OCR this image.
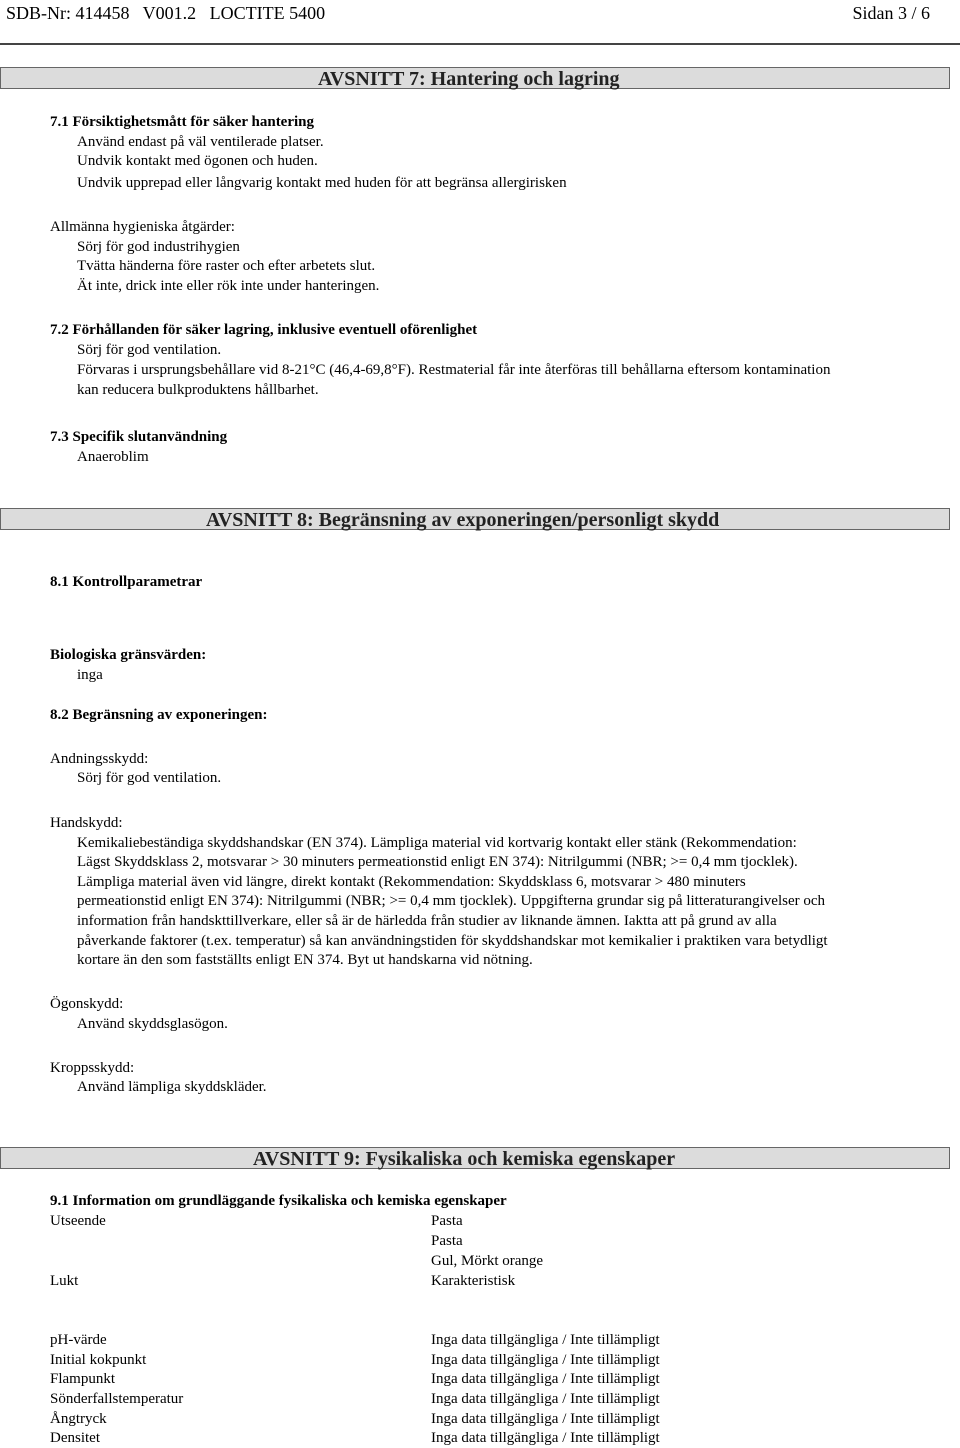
SDB-Nr: 414458   V001.2   LOCTITE 5400	Sidan 3 / 6
AVSNITT 7: Hantering och lagring
7.1 Försiktighetsmått för säker hantering
Använd endast på väl ventilerade platser.
Undvik kontakt med ögonen och huden.
Undvik upprepad eller långvarig kontakt med huden för att begränsa allergirisken
Allmänna hygieniska åtgärder:
Sörj för god industrihygien
Tvätta händerna före raster och efter arbetets slut.
Ät inte, drick inte eller rök inte under hanteringen.
7.2 Förhållanden för säker lagring, inklusive eventuell oförenlighet
Sörj för god ventilation.
Förvaras i ursprungsbehållare vid 8-21°C (46,4-69,8°F). Restmaterial får inte återföras till behållarna eftersom kontamination
kan reducera bulkproduktens hållbarhet.
7.3 Specifik slutanvändning
Anaeroblim
AVSNITT 8: Begränsning av exponeringen/personligt skydd
8.1 Kontrollparametrar
Biologiska gränsvärden:
inga
8.2 Begränsning av exponeringen:
Andningsskydd:
Sörj för god ventilation.
Handskydd:
Kemikaliebeständiga skyddshandskar (EN 374). Lämpliga material vid kortvarig kontakt eller stänk (Rekommendation:
Lägst Skyddsklass 2, motsvarar > 30 minuters permeationstid enligt EN 374): Nitrilgummi (NBR; >= 0,4 mm tjocklek).
Lämpliga material även vid längre, direkt kontakt (Rekommendation: Skyddsklass 6, motsvarar > 480 minuters
permeationstid enligt EN 374): Nitrilgummi (NBR; >= 0,4 mm tjocklek). Uppgifterna grundar sig på litteraturangivelser och
information från handskttillverkare, eller så är de härledda från studier av liknande ämnen. Iaktta att på grund av alla
påverkande faktorer (t.ex. temperatur) så kan användningstiden för skyddshandskar mot kemikalier i praktiken vara betydligt
kortare än den som fastställts enligt EN 374. Byt ut handskarna vid nötning.
Ögonskydd:
Använd skyddsglasögon.
Kroppsskydd:
Använd lämpliga skyddskläder.
AVSNITT 9: Fysikaliska och kemiska egenskaper
9.1 Information om grundläggande fysikaliska och kemiska egenskaper
Utseende	Pasta
Pasta
Gul, Mörkt orange
Lukt	Karakteristisk
pH-värde	Inga data tillgängliga / Inte tillämpligt
Initial kokpunkt	Inga data tillgängliga / Inte tillämpligt
Flampunkt	Inga data tillgängliga / Inte tillämpligt
Sönderfallstemperatur	Inga data tillgängliga / Inte tillämpligt
Ångtryck	Inga data tillgängliga / Inte tillämpligt
Densitet	Inga data tillgängliga / Inte tillämpligt
